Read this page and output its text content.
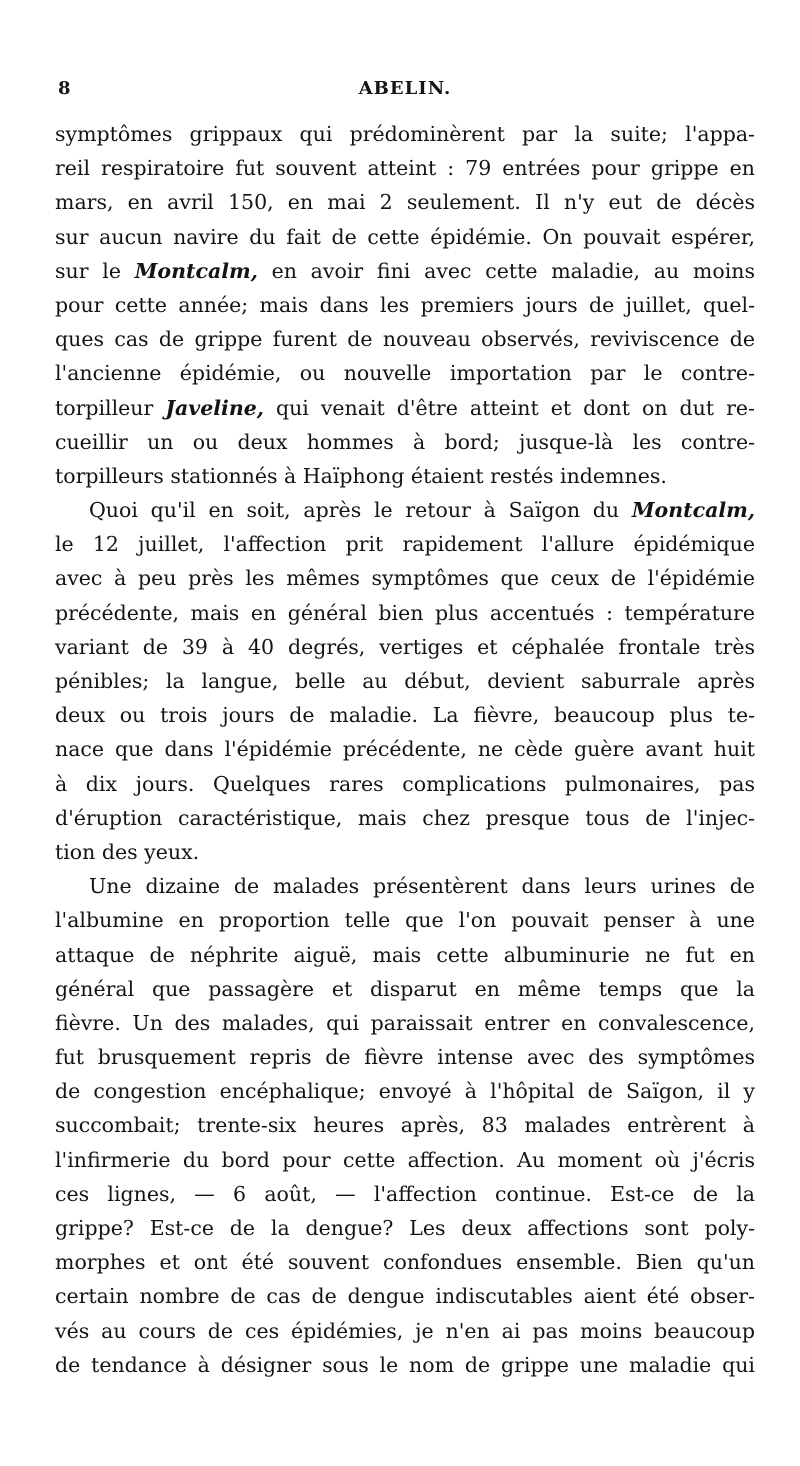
8	ABELIN.
symptômes grippaux qui prédominèrent par la suite; l'appa-
reil respiratoire fut souvent atteint : 79 entrées pour grippe en
mars, en avril 150, en mai 2 seulement. Il n'y eut de décès
sur aucun navire du fait de cette épidémie. On pouvait espérer,
sur le Montcalm, en avoir fini avec cette maladie, au moins
pour cette année; mais dans les premiers jours de juillet, quel-
ques cas de grippe furent de nouveau observés, reviviscence de
l'ancienne épidémie, ou nouvelle importation par le contre-
torpilleur Javeline, qui venait d'être atteint et dont on dut re-
cueillir un ou deux hommes à bord; jusque-là les contre-
torpilleurs stationnés à Haïphong étaient restés indemnes.
Quoi qu'il en soit, après le retour à Saïgon du Montcalm,
le 12 juillet, l'affection prit rapidement l'allure épidémique
avec à peu près les mêmes symptômes que ceux de l'épidémie
précédente, mais en général bien plus accentués : température
variant de 39 à 40 degrés, vertiges et céphalée frontale très
pénibles; la langue, belle au début, devient saburrale après
deux ou trois jours de maladie. La fièvre, beaucoup plus te-
nace que dans l'épidémie précédente, ne cède guère avant huit
à dix jours. Quelques rares complications pulmonaires, pas
d'éruption caractéristique, mais chez presque tous de l'injec-
tion des yeux.
Une dizaine de malades présentèrent dans leurs urines de
l'albumine en proportion telle que l'on pouvait penser à une
attaque de néphrite aiguë, mais cette albuminurie ne fut en
général que passagère et disparut en même temps que la
fièvre. Un des malades, qui paraissait entrer en convalescence,
fut brusquement repris de fièvre intense avec des symptômes
de congestion encéphalique; envoyé à l'hôpital de Saïgon, il y
succombait; trente-six heures après, 83 malades entrèrent à
l'infirmerie du bord pour cette affection. Au moment où j'écris
ces lignes, — 6 août, — l'affection continue. Est-ce de la
grippe? Est-ce de la dengue? Les deux affections sont poly-
morphes et ont été souvent confondues ensemble. Bien qu'un
certain nombre de cas de dengue indiscutables aient été obser-
vés au cours de ces épidémies, je n'en ai pas moins beaucoup
de tendance à désigner sous le nom de grippe une maladie qui
